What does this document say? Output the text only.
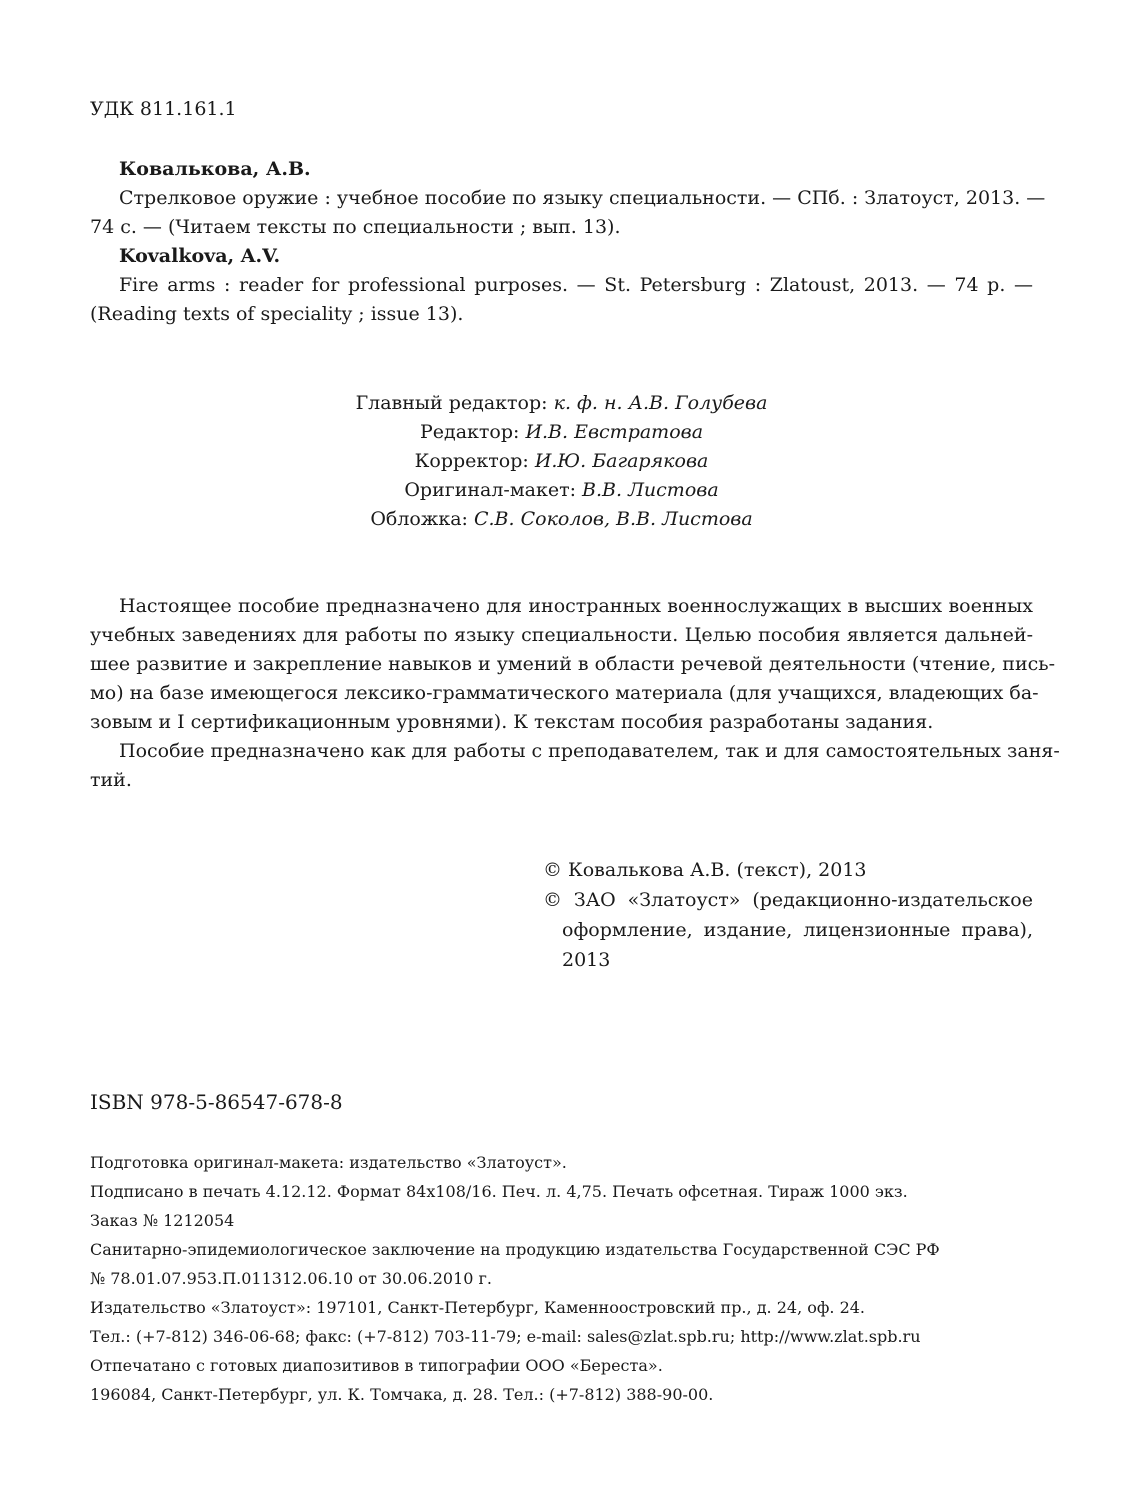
УДК 811.161.1
Ковалькова, А.В.
Стрелковое оружие : учебное пособие по языку специальности. — СПб. : Златоуст, 2013. —
74 с. — (Читаем тексты по специальности ; вып. 13).
Kovalkova, A.V.
Fire arms : reader for professional purposes. — St. Petersburg : Zlatoust, 2013. — 74 p. —
(Reading texts of speciality ; issue 13).
Главный редактор: к. ф. н. А.В. Голубева
Редактор: И.В. Евстратова
Корректор: И.Ю. Багарякова
Оригинал-макет: В.В. Листова
Обложка: С.В. Соколов, В.В. Листова
Настоящее пособие предназначено для иностранных военнослужащих в высших военных
учебных заведениях для работы по языку специальности. Целью пособия является дальней-
шее развитие и закрепление навыков и умений в области речевой деятельности (чтение, пись-
мо) на базе имеющегося лексико-грамматического материала (для учащихся, владеющих ба-
зовым и I сертификационным уровнями). К текстам пособия разработаны задания.
Пособие предназначено как для работы с преподавателем, так и для самостоятельных заня-
тий.
© Ковалькова А.В. (текст), 2013
© ЗАО «Златоуст» (редакционно-издательское
оформление, издание, лицензионные права),
2013
ISBN 978-5-86547-678-8
Подготовка оригинал-макета: издательство «Златоуст».
Подписано в печать 4.12.12. Формат 84х108/16. Печ. л. 4,75. Печать офсетная. Тираж 1000 экз.
Заказ № 1212054
Санитарно-эпидемиологическое заключение на продукцию издательства Государственной СЭС РФ
№ 78.01.07.953.П.011312.06.10 от 30.06.2010 г.
Издательство «Златоуст»: 197101, Санкт-Петербург, Каменноостровский пр., д. 24, оф. 24.
Тел.: (+7-812) 346-06-68; факс: (+7-812) 703-11-79; e-mail: sales@zlat.spb.ru; http://www.zlat.spb.ru
Отпечатано с готовых диапозитивов в типографии ООО «Береста».
196084, Санкт-Петербург, ул. К. Томчака, д. 28. Тел.: (+7-812) 388-90-00.
